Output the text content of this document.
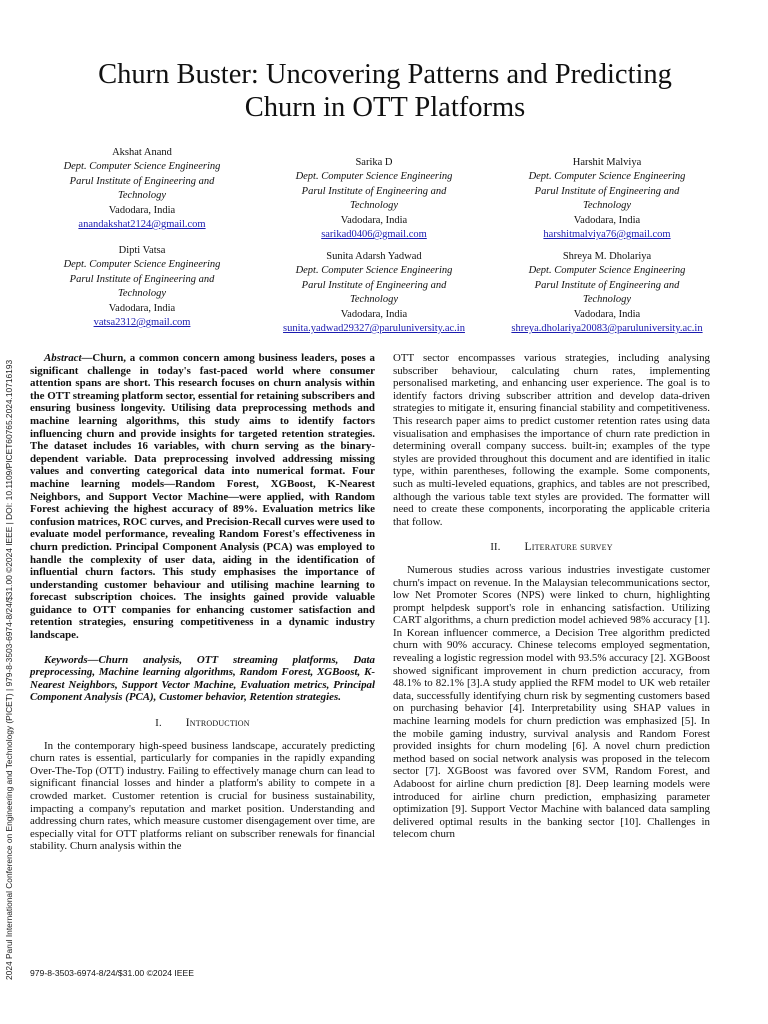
2024 Parul International Conference on Engineering and Technology (PICET) | 979-8-3503-6974-8/24/$31.00 ©2024 IEEE | DOI: 10.1109/PICET60765.2024.10716193
Churn Buster: Uncovering Patterns and Predicting
Churn in OTT Platforms
Akshat Anand
Dept. Computer Science Engineering
Parul Institute of Engineering and
Technology
Vadodara, India
anandakshat2124@gmail.com
Sarika D
Dept. Computer Science Engineering
Parul Institute of Engineering and
Technology
Vadodara, India
sarikad0406@gmail.com
Harshit Malviya
Dept. Computer Science Engineering
Parul Institute of Engineering and
Technology
Vadodara, India
harshitmalviya76@gmail.com
Dipti Vatsa
Dept. Computer Science Engineering
Parul Institute of Engineering and
Technology
Vadodara, India
vatsa2312@gmail.com
Sunita Adarsh Yadwad
Dept. Computer Science Engineering
Parul Institute of Engineering and
Technology
Vadodara, India
sunita.yadwad29327@paruluniversity.ac.in
Shreya M. Dholariya
Dept. Computer Science Engineering
Parul Institute of Engineering and
Technology
Vadodara, India
shreya.dholariya20083@paruluniversity.ac.in

Abstract—Churn, a common concern among business leaders, poses a significant challenge in today's fast-paced world where consumer attention spans are short. This research focuses on churn analysis within the OTT streaming platform sector, essential for retaining subscribers and ensuring business longevity. Utilising data preprocessing methods and machine learning algorithms, this study aims to identify factors influencing churn and provide insights for targeted retention strategies. The dataset includes 16 variables, with churn serving as the binary-dependent variable. Data preprocessing involved addressing missing values and converting categorical data into numerical format. Four machine learning models—Random Forest, XGBoost, K-Nearest Neighbors, and Support Vector Machine—were applied, with Random Forest achieving the highest accuracy of 89%. Evaluation metrics like confusion matrices, ROC curves, and Precision-Recall curves were used to evaluate model performance, revealing Random Forest's effectiveness in churn prediction. Principal Component Analysis (PCA) was employed to handle the complexity of user data, aiding in the identification of influential churn factors. This study emphasises the importance of understanding customer behaviour and utilising machine learning to forecast subscription choices. The insights gained provide valuable guidance to OTT companies for enhancing customer satisfaction and retention strategies, ensuring competitiveness in a dynamic industry landscape.

Keywords—Churn analysis, OTT streaming platforms, Data preprocessing, Machine learning algorithms, Random Forest, XGBoost, K-Nearest Neighbors, Support Vector Machine, Evaluation metrics, Principal Component Analysis (PCA), Customer behavior, Retention strategies.

I. Introduction

In the contemporary high-speed business landscape, accurately predicting churn rates is essential, particularly for companies in the rapidly expanding Over-The-Top (OTT) industry. Failing to effectively manage churn can lead to significant financial losses and hinder a platform's ability to compete in a crowded market. Customer retention is crucial for business sustainability, impacting a company's reputation and market position. Understanding and addressing churn rates, which measure customer disengagement over time, are especially vital for OTT platforms reliant on subscriber renewals for financial stability. Churn analysis within the

OTT sector encompasses various strategies, including analysing subscriber behaviour, calculating churn rates, implementing personalised marketing, and enhancing user experience. The goal is to identify factors driving subscriber attrition and develop data-driven strategies to mitigate it, ensuring financial stability and competitiveness. This research paper aims to predict customer retention rates using data visualisation and emphasises the importance of churn rate prediction in determining overall company success. built-in; examples of the type styles are provided throughout this document and are identified in italic type, within parentheses, following the example. Some components, such as multi-leveled equations, graphics, and tables are not prescribed, although the various table text styles are provided. The formatter will need to create these components, incorporating the applicable criteria that follow.

II. Literature survey

Numerous studies across various industries investigate customer churn's impact on revenue. In the Malaysian telecommunications sector, low Net Promoter Scores (NPS) were linked to churn, highlighting prompt helpdesk support's role in enhancing satisfaction. Utilizing CART algorithms, a churn prediction model achieved 98% accuracy [1]. In Korean influencer commerce, a Decision Tree algorithm predicted churn with 90% accuracy. Chinese telecoms employed segmentation, revealing a logistic regression model with 93.5% accuracy [2]. XGBoost showed significant improvement in churn prediction accuracy, from 48.1% to 82.1% [3].A study applied the RFM model to UK web retailer data, successfully identifying churn risk by segmenting customers based on purchasing behavior [4]. Interpretability using SHAP values in machine learning models for churn prediction was emphasized [5]. In the mobile gaming industry, survival analysis and Random Forest provided insights for churn modeling [6]. A novel churn prediction method based on social network analysis was proposed in the telecom sector [7]. XGBoost was favored over SVM, Random Forest, and Adaboost for airline churn prediction [8]. Deep learning models were introduced for airline churn prediction, emphasizing parameter optimization [9]. Support Vector Machine with balanced data sampling delivered optimal results in the banking sector [10]. Challenges in telecom churn

979-8-3503-6974-8/24/$31.00 ©2024 IEEE
